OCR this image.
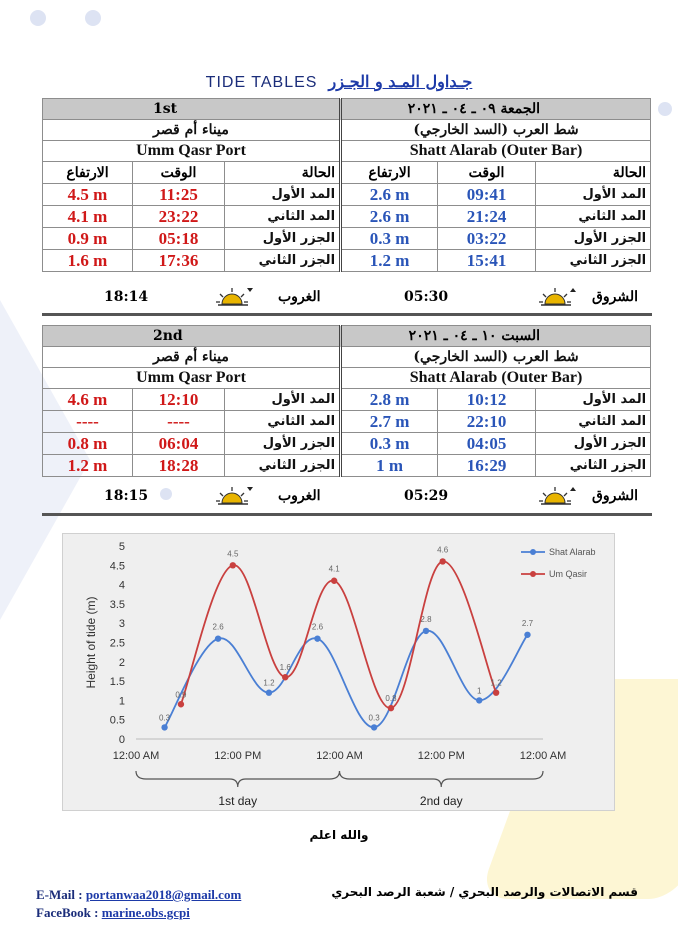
TIDE TABLES جـداول المـد و الجـزر
1st			الجمعة ٠٩ ـ ٠٤ ـ ٢٠٢١		
ميناء أم قصر			شط العرب (السد الخارجي)		
Umm Qasr Port			Shatt Alarab (Outer Bar)		
الارتفاع	الوقت	الحالة	الارتفاع	الوقت	الحالة
4.5 m	11:25	المد الأول	2.6 m	09:41	المد الأول
4.1 m	23:22	المد الثاني	2.6 m	21:24	المد الثاني
0.9 m	05:18	الجزر الأول	0.3 m	03:22	الجزر الأول
1.6 m	17:36	الجزر الثاني	1.2 m	15:41	الجزر الثاني
18:14	الغروب	05:30	الشروق
2nd			السبت ١٠ ـ ٠٤ ـ ٢٠٢١		
ميناء أم قصر			شط العرب (السد الخارجي)		
Umm Qasr Port			Shatt Alarab (Outer Bar)		
4.6 m	12:10	المد الأول	2.8 m	10:12	المد الأول
----	----	المد الثاني	2.7 m	22:10	المد الثاني
0.8 m	06:04	الجزر الأول	0.3 m	04:05	الجزر الأول
1.2 m	18:28	الجزر الثاني	1 m	16:29	الجزر الثاني
18:15	الغروب	05:29	الشروق
0
0.5
1
1.5
2
2.5
3
3.5
4
4.5
5
12:00 AM	12:00 PM	12:00 AM	12:00 PM	12:00 AM
Height of tide (m)
1st day	2nd day
0.3
2.6
1.2
2.6
0.3
2.8
1
2.7
Shat Alarab
0.9
4.5
1.6
4.1
0.8
4.6
1.2
Um Qasir
والله اعلم
E-Mail : portanwaa2018@gmail.com
FaceBook : marine.obs.gcpi
قسم الاتصالات والرصد البحري / شعبة الرصد البحري
